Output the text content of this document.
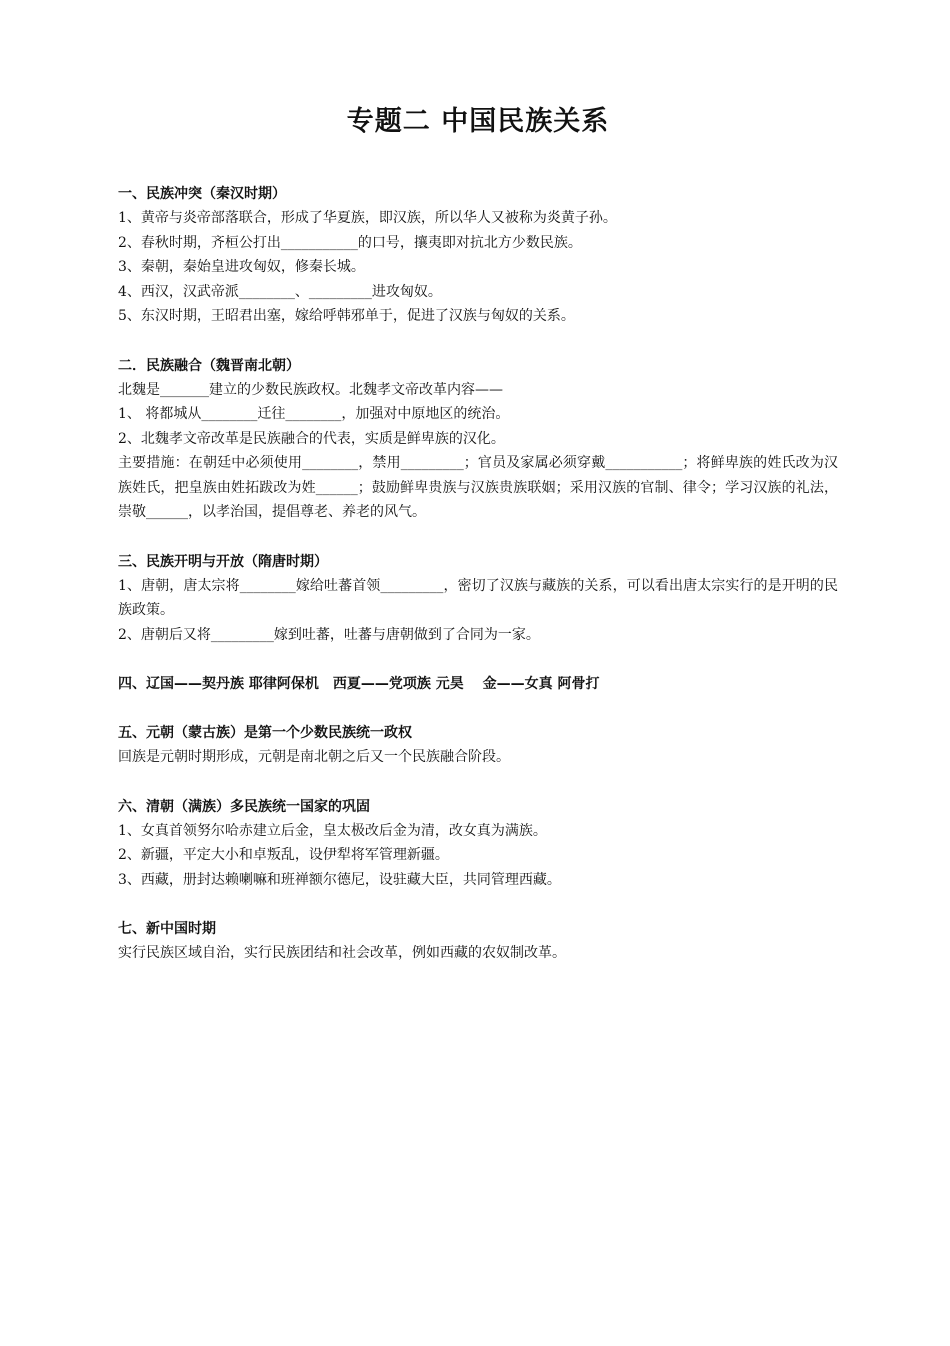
专题二 中国民族关系

一、民族冲突（秦汉时期）

1、黄帝与炎帝部落联合，形成了华夏族，即汉族，所以华人又被称为炎黄子孙。

2、春秋时期，齐桓公打出___________的口号，攘夷即对抗北方少数民族。

3、秦朝，秦始皇进攻匈奴，修秦长城。

4、西汉，汉武帝派________、_________进攻匈奴。

5、东汉时期，王昭君出塞，嫁给呼韩邪单于，促进了汉族与匈奴的关系。

二．民族融合（魏晋南北朝）

北魏是_______建立的少数民族政权。北魏孝文帝改革内容——

1、 将都城从________迁往________，加强对中原地区的统治。

2、北魏孝文帝改革是民族融合的代表，实质是鲜卑族的汉化。

主要措施：在朝廷中必须使用________，禁用_________；官员及家属必须穿戴___________；将鲜卑族的姓氏改为汉族姓氏，把皇族由姓拓跋改为姓______；鼓励鲜卑贵族与汉族贵族联姻；采用汉族的官制、律令；学习汉族的礼法，崇敬______，以孝治国，提倡尊老、养老的风气。

三、民族开明与开放（隋唐时期）

1、唐朝，唐太宗将________嫁给吐蕃首领_________，密切了汉族与藏族的关系，可以看出唐太宗实行的是开明的民族政策。

2、唐朝后又将_________嫁到吐蕃，吐蕃与唐朝做到了合同为一家。

四、辽国——契丹族 耶律阿保机　西夏——党项族 元昊　 金——女真 阿骨打

五、元朝（蒙古族）是第一个少数民族统一政权

回族是元朝时期形成，元朝是南北朝之后又一个民族融合阶段。

六、清朝（满族）多民族统一国家的巩固

1、女真首领努尔哈赤建立后金，皇太极改后金为清，改女真为满族。

2、新疆，平定大小和卓叛乱，设伊犁将军管理新疆。

3、西藏，册封达赖喇嘛和班禅额尔德尼，设驻藏大臣，共同管理西藏。

七、新中国时期

实行民族区域自治，实行民族团结和社会改革，例如西藏的农奴制改革。
